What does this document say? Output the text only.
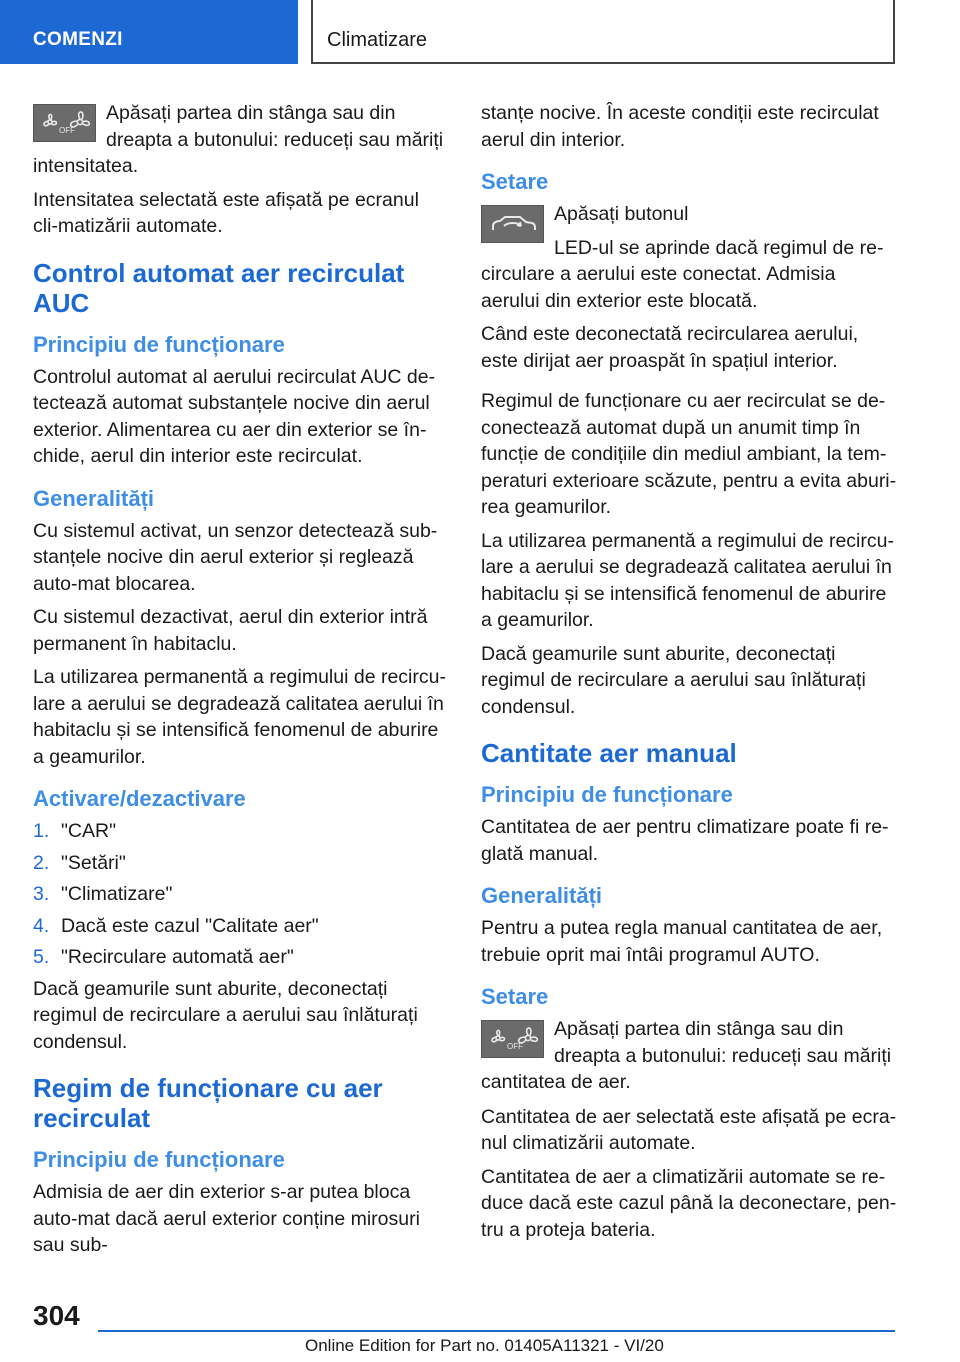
COMENZI	Climatizare
OFF

Apăsați partea din stânga sau din dreapta a butonului: reduceți sau măriți intensitatea.

Intensitatea selectată este afișată pe ecranul cli-matizării automate.

Control automat aer recirculat AUC
Principiu de funcționare

Controlul automat al aerului recirculat AUC de-tectează automat substanțele nocive din aerul exterior. Alimentarea cu aer din exterior se în-chide, aerul din interior este recirculat.

Generalități

Cu sistemul activat, un senzor detectează sub-stanțele nocive din aerul exterior și reglează auto-mat blocarea.

Cu sistemul dezactivat, aerul din exterior intră permanent în habitaclu.

La utilizarea permanentă a regimului de recircu-lare a aerului se degradează calitatea aerului în habitaclu și se intensifică fenomenul de aburire a geamurilor.

Activare/dezactivare
1. "CAR"
2. "Setări"
3. "Climatizare"
4. Dacă este cazul "Calitate aer"
5. "Recirculare automată aer"

Dacă geamurile sunt aburite, deconectați regimul de recirculare a aerului sau înlăturați condensul.

Regim de funcționare cu aer recirculat
Principiu de funcționare

Admisia de aer din exterior s-ar putea bloca auto-mat dacă aerul exterior conține mirosuri sau sub-

stanțe nocive. În aceste condiții este recirculat aerul din interior.

Setare

Apăsați butonul

LED-ul se aprinde dacă regimul de re-circulare a aerului este conectat. Admisia aerului din exterior este blocată.

Când este deconectată recircularea aerului, este dirijat aer proaspăt în spațiul interior.

Regimul de funcționare cu aer recirculat se de-conectează automat după un anumit timp în funcție de condițiile din mediul ambiant, la tem-peraturi exterioare scăzute, pentru a evita aburi-rea geamurilor.

La utilizarea permanentă a regimului de recircu-lare a aerului se degradează calitatea aerului în habitaclu și se intensifică fenomenul de aburire a geamurilor.

Dacă geamurile sunt aburite, deconectați regimul de recirculare a aerului sau înlăturați condensul.

Cantitate aer manual
Principiu de funcționare

Cantitatea de aer pentru climatizare poate fi re-glată manual.

Generalități

Pentru a putea regla manual cantitatea de aer, trebuie oprit mai întâi programul AUTO.

Setare
OFF

Apăsați partea din stânga sau din dreapta a butonului: reduceți sau măriți cantitatea de aer.

Cantitatea de aer selectată este afișată pe ecra-nul climatizării automate.

Cantitatea de aer a climatizării automate se re-duce dacă este cazul până la deconectare, pen-tru a proteja bateria.

304
Online Edition for Part no. 01405A11321 - VI/20
